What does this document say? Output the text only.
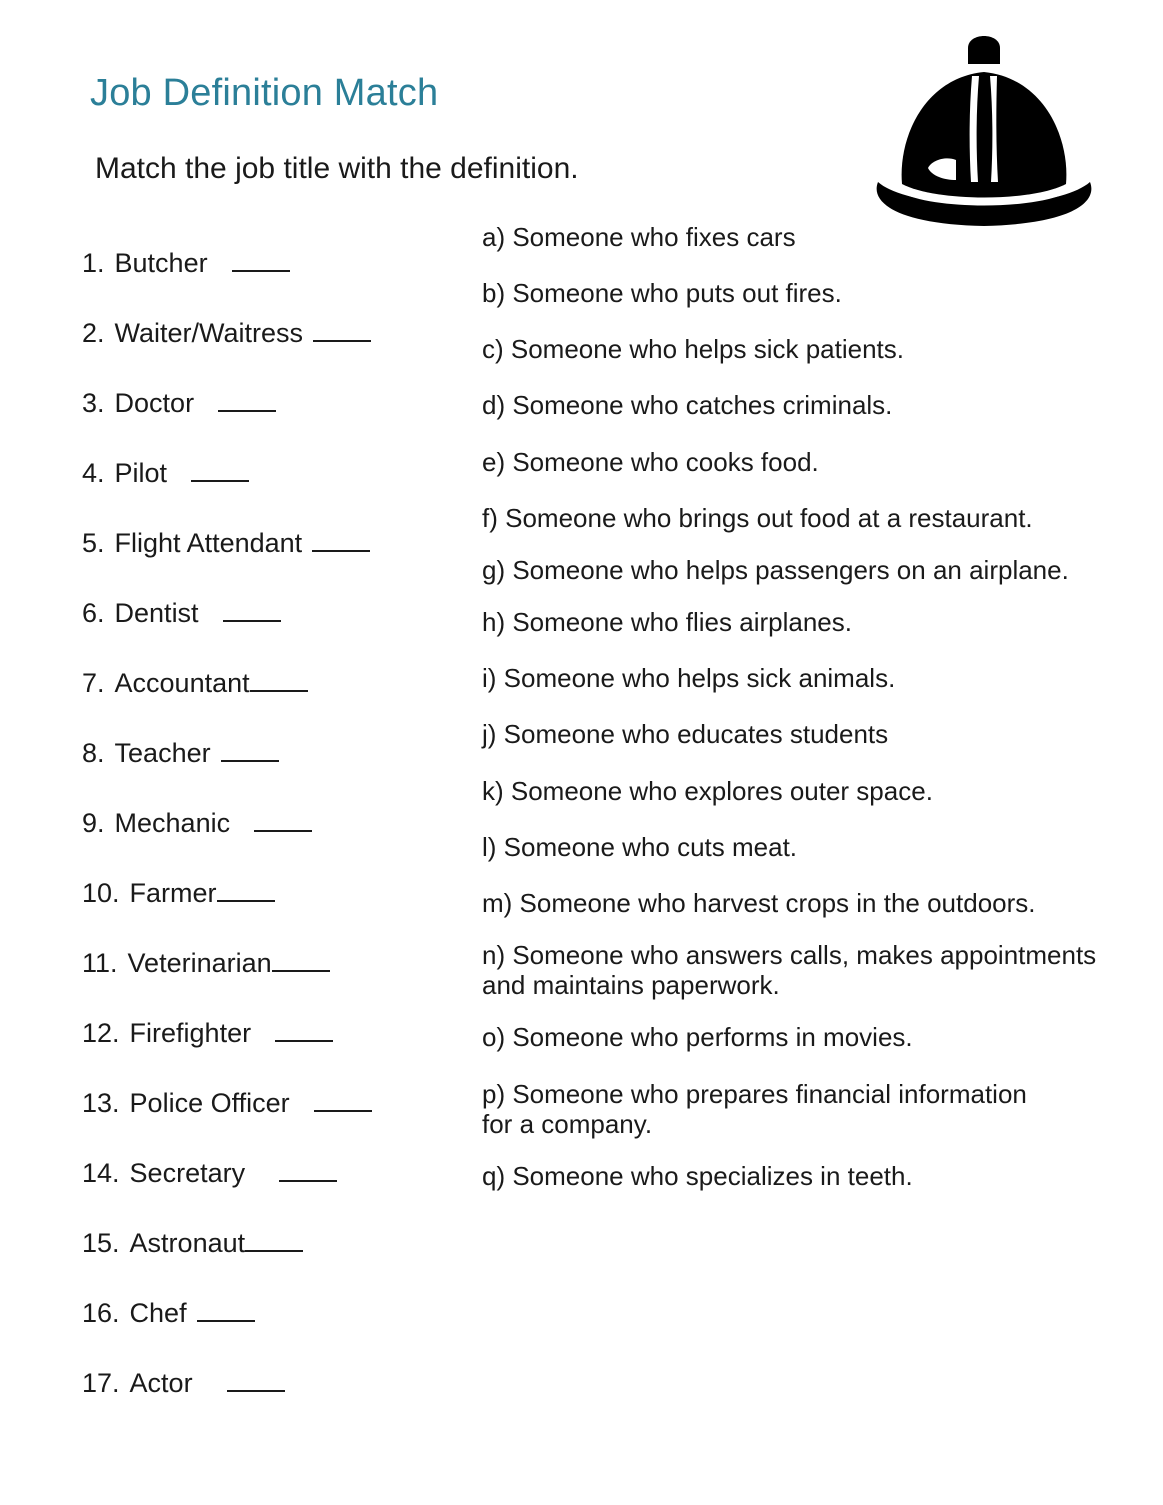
Job Definition Match
Match the job title with the definition.
1. Butcher
2. Waiter/Waitress
3. Doctor
4. Pilot
5. Flight Attendant
6. Dentist
7. Accountant
8. Teacher
9. Mechanic
10. Farmer
11. Veterinarian
12. Firefighter
13. Police Officer
14. Secretary
15. Astronaut
16. Chef
17. Actor
a) Someone who fixes cars
b) Someone who puts out fires.
c) Someone who helps sick patients.
d) Someone who catches criminals.
e) Someone who cooks food.
f) Someone who brings out food at a restaurant.
g) Someone who helps passengers on an airplane.
h) Someone who flies airplanes.
i) Someone who helps sick animals.
j) Someone who educates students
k) Someone who explores outer space.
l) Someone who cuts meat.
m) Someone who harvest crops in the outdoors.
n) Someone who answers calls, makes appointments and maintains paperwork.
o) Someone who performs in movies.
p) Someone who prepares financial information for a company.
q) Someone who specializes in teeth.
